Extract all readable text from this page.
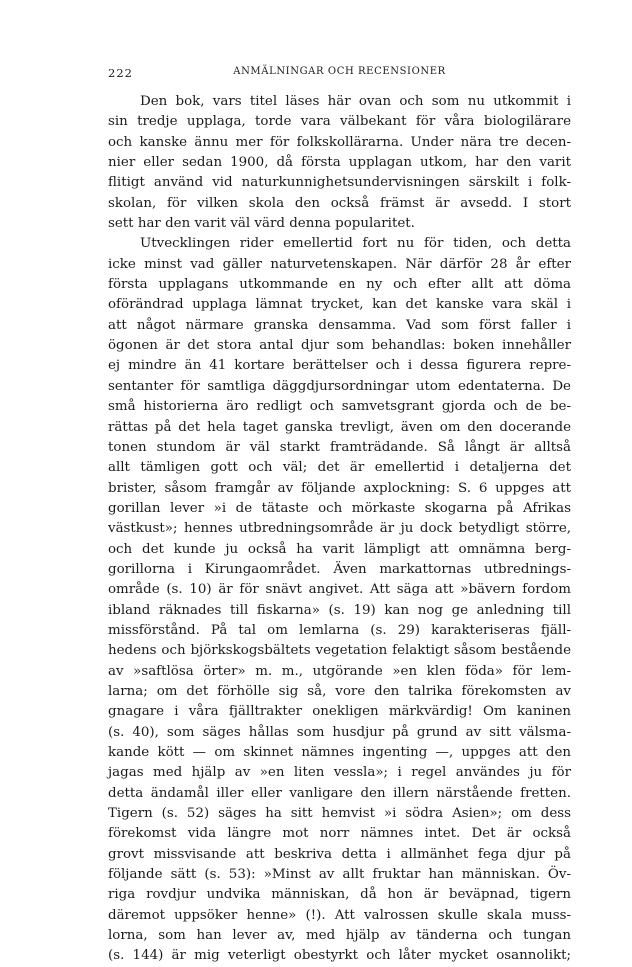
222	ANMÄLNINGAR OCH RECENSIONER
Den bok, vars titel läses här ovan och som nu utkommit i
sin tredje upplaga, torde vara välbekant för våra biologilärare
och kanske ännu mer för folkskollärarna. Under nära tre decen-
nier eller sedan 1900, då första upplagan utkom, har den varit
flitigt använd vid naturkunnighetsundervisningen särskilt i folk-
skolan, för vilken skola den också främst är avsedd. I stort
sett har den varit väl värd denna popularitet.
Utvecklingen rider emellertid fort nu för tiden, och detta
icke minst vad gäller naturvetenskapen. När därför 28 år efter
första upplagans utkommande en ny och efter allt att döma
oförändrad upplaga lämnat trycket, kan det kanske vara skäl i
att något närmare granska densamma. Vad som först faller i
ögonen är det stora antal djur som behandlas: boken innehåller
ej mindre än 41 kortare berättelser och i dessa figurera repre-
sentanter för samtliga däggdjursordningar utom edentaterna. De
små historierna äro redligt och samvetsgrant gjorda och de be-
rättas på det hela taget ganska trevligt, även om den docerande
tonen stundom är väl starkt framträdande. Så långt är alltså
allt tämligen gott och väl; det är emellertid i detaljerna det
brister, såsom framgår av följande axplockning: S. 6 uppges att
gorillan lever »i de tätaste och mörkaste skogarna på Afrikas
västkust»; hennes utbredningsområde är ju dock betydligt större,
och det kunde ju också ha varit lämpligt att omnämna berg-
gorillorna i Kirungaområdet. Även markattornas utbrednings-
område (s. 10) är för snävt angivet. Att säga att »bävern fordom
ibland räknades till fiskarna» (s. 19) kan nog ge anledning till
missförstånd. På tal om lemlarna (s. 29) karakteriseras fjäll-
hedens och björkskogsbältets vegetation felaktigt såsom bestående
av »saftlösa örter» m. m., utgörande »en klen föda» för lem-
larna; om det förhölle sig så, vore den talrika förekomsten av
gnagare i våra fjälltrakter onekligen märkvärdig! Om kaninen
(s. 40), som säges hållas som husdjur på grund av sitt välsma-
kande kött — om skinnet nämnes ingenting —, uppges att den
jagas med hjälp av »en liten vessla»; i regel användes ju för
detta ändamål iller eller vanligare den illern närstående fretten.
Tigern (s. 52) säges ha sitt hemvist »i södra Asien»; om dess
förekomst vida längre mot norr nämnes intet. Det är också
grovt missvisande att beskriva detta i allmänhet fega djur på
följande sätt (s. 53): »Minst av allt fruktar han människan. Öv-
riga rovdjur undvika människan, då hon är beväpnad, tigern
däremot uppsöker henne» (!). Att valrossen skulle skala muss-
lorna, som han lever av, med hjälp av tänderna och tungan
(s. 144) är mig veterligt obestyrkt och låter mycket osannolikt;
